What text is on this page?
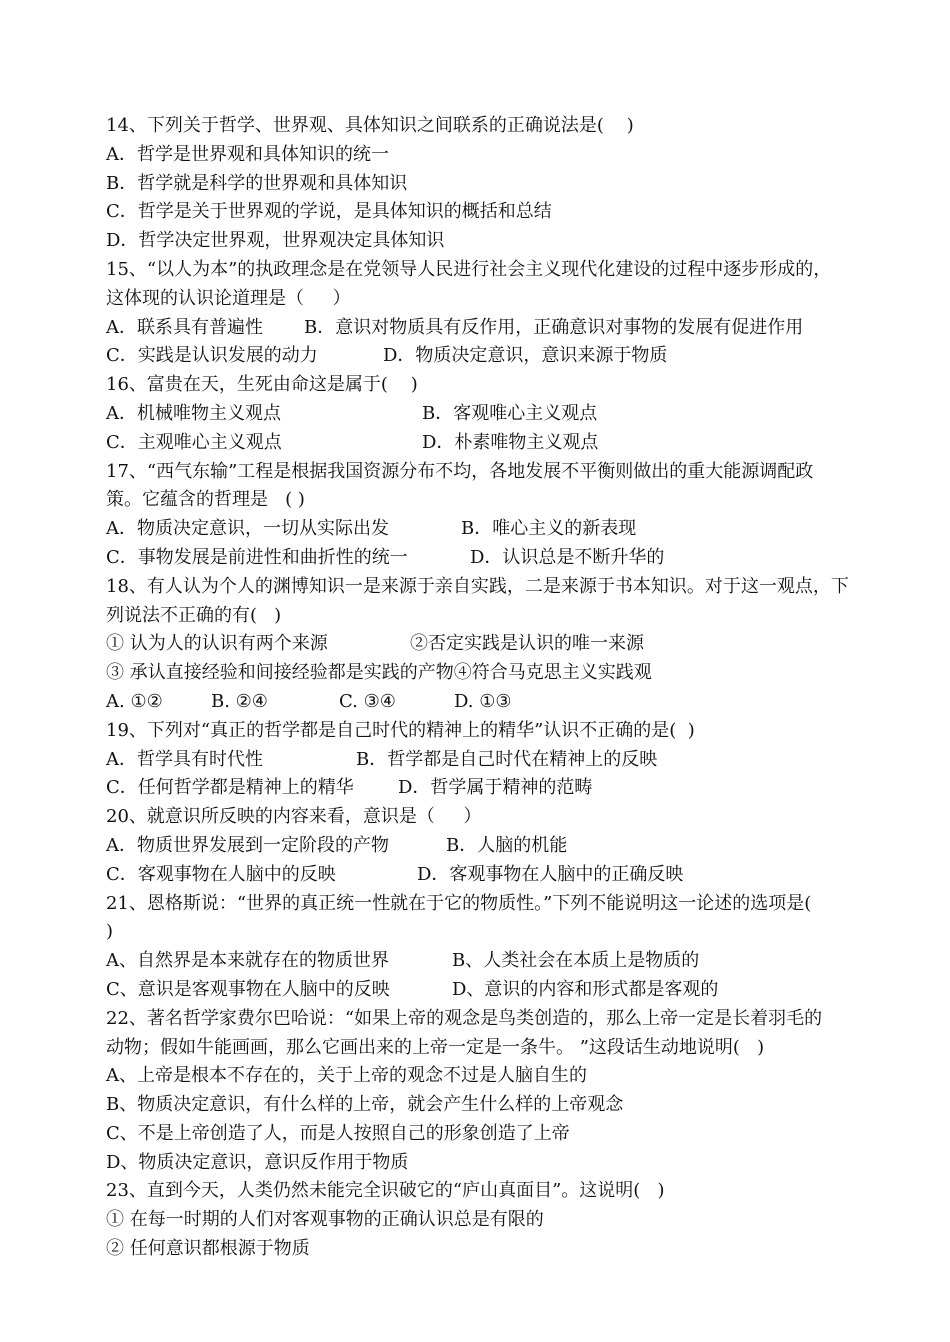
14、下列关于哲学、世界观、具体知识之间联系的正确说法是(    )
A．哲学是世界观和具体知识的统一
B．哲学就是科学的世界观和具体知识
C．哲学是关于世界观的学说，是具体知识的概括和总结
D．哲学决定世界观，世界观决定具体知识
15、“以人为本”的执政理念是在党领导人民进行社会主义现代化建设的过程中逐步形成的，
这体现的认识论道理是（     ）
A．联系具有普遍性	B．意识对物质具有反作用，正确意识对事物的发展有促进作用
C．实践是认识发展的动力	D．物质决定意识，意识来源于物质
16、富贵在天，生死由命这是属于(    )
A．机械唯物主义观点	B．客观唯心主义观点
C．主观唯心主义观点	D．朴素唯物主义观点
17、“西气东输”工程是根据我国资源分布不均，各地发展不平衡则做出的重大能源调配政
策。它蕴含的哲理是   ( )
A．物质决定意识，一切从实际出发	B．唯心主义的新表现
C．事物发展是前进性和曲折性的统一	D．认识总是不断升华的
18、有人认为个人的渊博知识一是来源于亲自实践，二是来源于书本知识。对于这一观点，下
列说法不正确的有(   )
① 认为人的认识有两个来源	②否定实践是认识的唯一来源
③ 承认直接经验和间接经验都是实践的产物④符合马克思主义实践观
A. ①②	B. ②④	C. ③④	D. ①③
19、下列对“真正的哲学都是自己时代的精神上的精华”认识不正确的是(  )
A．哲学具有时代性	B．哲学都是自己时代在精神上的反映
C．任何哲学都是精神上的精华	D．哲学属于精神的范畴
20、就意识所反映的内容来看，意识是（     ）
A．物质世界发展到一定阶段的产物	B．人脑的机能
C．客观事物在人脑中的反映	D．客观事物在人脑中的正确反映
21、恩格斯说：“世界的真正统一性就在于它的物质性。”下列不能说明这一论述的选项是(
)
A、自然界是本来就存在的物质世界	B、人类社会在本质上是物质的
C、意识是客观事物在人脑中的反映	D、意识的内容和形式都是客观的
22、著名哲学家费尔巴哈说：“如果上帝的观念是鸟类创造的，那么上帝一定是长着羽毛的
动物；假如牛能画画，那么它画出来的上帝一定是一条牛。 ”这段话生动地说明(   )
A、上帝是根本不存在的，关于上帝的观念不过是人脑自生的
B、物质决定意识，有什么样的上帝，就会产生什么样的上帝观念
C、不是上帝创造了人，而是人按照自己的形象创造了上帝
D、物质决定意识，意识反作用于物质
23、直到今天，人类仍然未能完全识破它的“庐山真面目”。这说明(   )
① 在每一时期的人们对客观事物的正确认识总是有限的
② 任何意识都根源于物质
